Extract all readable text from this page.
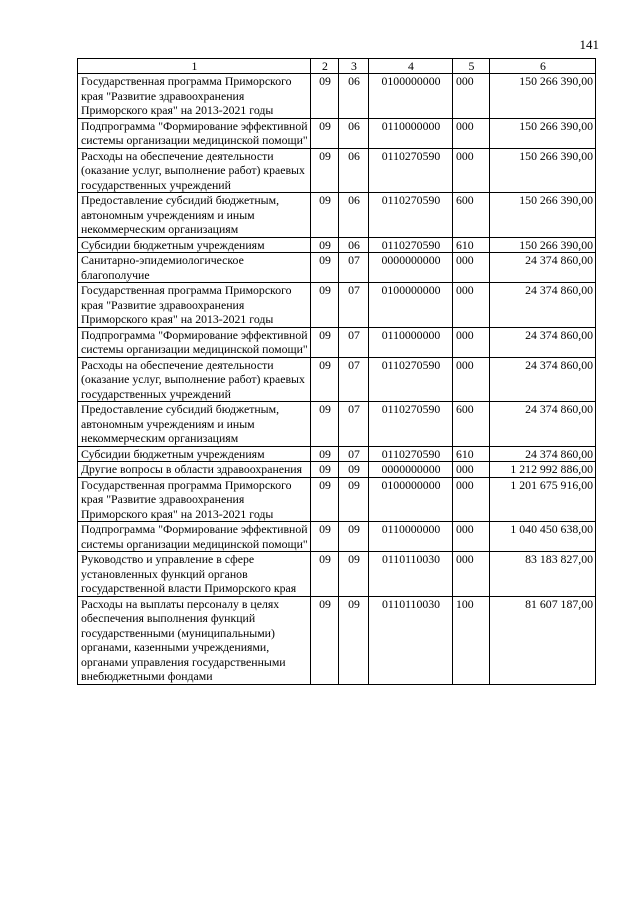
141
1	2	3	4	5	6
Государственная программа Приморского края "Развитие здравоохранения Приморского края" на 2013-2021 годы	09	06	0100000000	000	150 266 390,00
Подпрограмма "Формирование эффективной системы организации медицинской помощи"	09	06	0110000000	000	150 266 390,00
Расходы на обеспечение деятельности (оказание услуг, выполнение работ) краевых государственных учреждений	09	06	0110270590	000	150 266 390,00
Предоставление субсидий бюджетным, автономным учреждениям и иным некоммерческим организациям	09	06	0110270590	600	150 266 390,00
Субсидии бюджетным учреждениям	09	06	0110270590	610	150 266 390,00
Санитарно-эпидемиологическое благополучие	09	07	0000000000	000	24 374 860,00
Государственная программа Приморского края "Развитие здравоохранения Приморского края" на 2013-2021 годы	09	07	0100000000	000	24 374 860,00
Подпрограмма "Формирование эффективной системы организации медицинской помощи"	09	07	0110000000	000	24 374 860,00
Расходы на обеспечение деятельности (оказание услуг, выполнение работ) краевых государственных учреждений	09	07	0110270590	000	24 374 860,00
Предоставление субсидий бюджетным, автономным учреждениям и иным некоммерческим организациям	09	07	0110270590	600	24 374 860,00
Субсидии бюджетным учреждениям	09	07	0110270590	610	24 374 860,00
Другие вопросы в области здравоохранения	09	09	0000000000	000	1 212 992 886,00
Государственная программа Приморского края "Развитие здравоохранения Приморского края" на 2013-2021 годы	09	09	0100000000	000	1 201 675 916,00
Подпрограмма "Формирование эффективной системы организации медицинской помощи"	09	09	0110000000	000	1 040 450 638,00
Руководство и управление в сфере установленных функций органов государственной власти Приморского края	09	09	0110110030	000	83 183 827,00
Расходы на выплаты персоналу в целях обеспечения выполнения функций государственными (муниципальными) органами, казенными учреждениями, органами управления государственными внебюджетными фондами	09	09	0110110030	100	81 607 187,00
